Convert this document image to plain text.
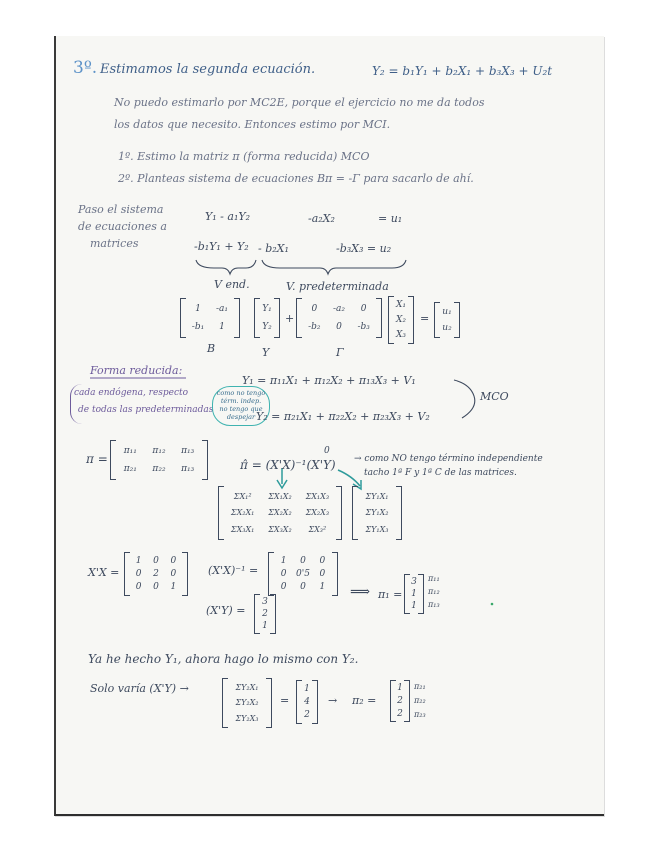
3º. Estimamos la segunda ecuación.	Y₂ = b₁Y₁ + b₂X₁ + b₃X₃ + U₂t
No puedo estimarlo por MC2E, porque el ejercicio no me da todos
los datos que necesito. Entonces estimo por MCI.
1º. Estimo la matriz π (forma reducida) MCO
2º. Planteas sistema de ecuaciones Bπ = -Γ para sacarlo de ahí.
Paso el sistema
de ecuaciones a
matrices
Y₁ - a₁Y₂	-a₂X₂	= u₁
-b₁Y₁ + Y₂ - b₂X₁	-b₃X₃ = u₂
V end.	V. predeterminada
1 -a₁
-b₁ 1
B
Y₁
Y₂
Y
+
0 -a₂ 0
-b₂ 0 -b₃
Γ
X₁
X₂
X₃
= u₁
u₂
Forma reducida:
cada endógena, respecto
de todas las predeterminadas
como no tengo
térm. indep.
no tengo que
despejar
Y₁ = π₁₁X₁ + π₁₂X₂ + π₁₃X₃ + V₁
Y₂ = π₂₁X₁ + π₂₂X₂ + π₂₃X₃ + V₂
MCO
π =
π₁₁ π₁₂ π₁₃
π₂₁ π₂₂ π₁₃	π̂ = (X'X)⁻¹(X'Y)
0
→ como NO tengo término independiente
tacho 1ª F y 1ª C de las matrices.
ΣX₁² ΣX₁X₂ ΣX₁X₃
ΣX₂X₁ ΣX₂X₂ ΣX₂X₃
ΣX₃X₁ ΣX₃X₂ ΣX₃²
ΣY₁X₁
ΣY₁X₂
ΣY₁X₃
X'X =
1 0 0
0 2 0
0 0 1
(X'X)⁻¹ =
1 0 0
0 0'5 0
0 0 1
(X'Y) =
3
2
1
⟹ π₁ =
3
1
1
π₁₁
π₁₂
π₁₃
Ya he hecho Y₁, ahora hago lo mismo con Y₂.
Solo varía (X'Y) →	ΣY₂X₁
ΣY₂X₂
ΣY₂X₃
=
1
4
2
→ π₂ =
1
2
2
π₂₁
π₂₂
π₂₃
